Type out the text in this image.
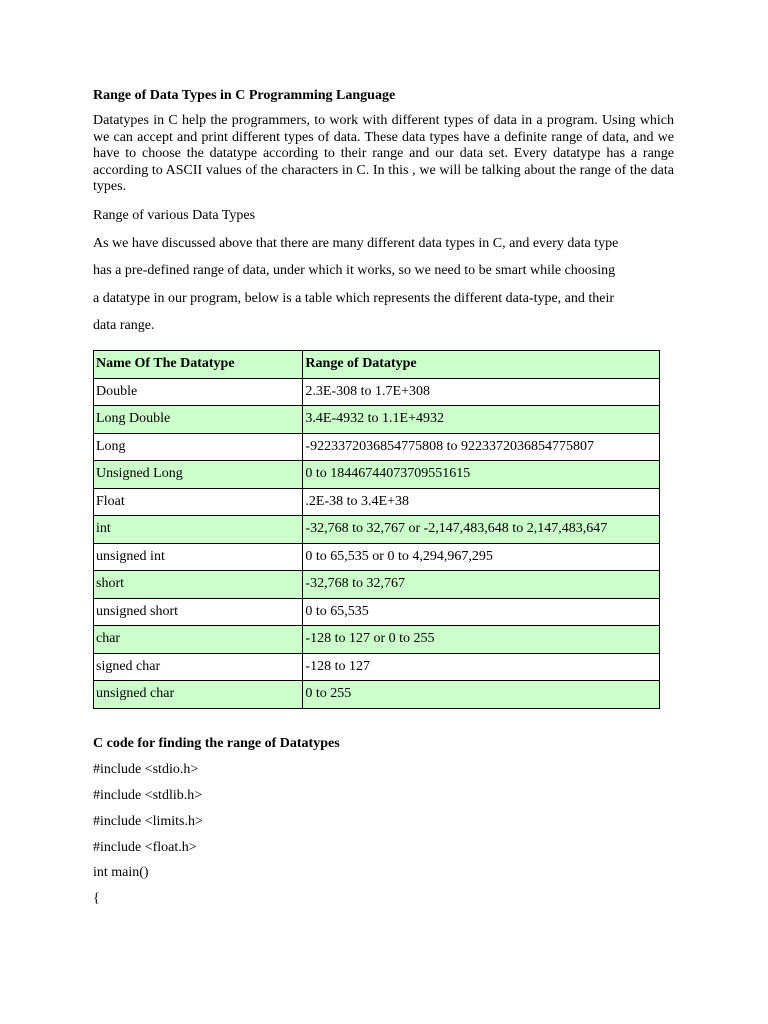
Range of Data Types in C Programming Language

Datatypes in C help the programmers, to work with different types of data in a program. Using which we can accept and print different types of data. These data types have a definite range of data, and we have to choose the datatype according to their range and our data set. Every datatype has a range according to ASCII values of the characters in C. In this , we will be talking about the range of the data types.

Range of various Data Types

As we have discussed above that there are many different data types in C, and every data type
has a pre-defined range of data, under which it works, so we need to be smart while choosing
a datatype in our program, below is a table which represents the different data-type, and their
data range.
Name Of The Datatype	Range of Datatype
Double	2.3E-308 to 1.7E+308
Long Double	3.4E-4932 to 1.1E+4932
Long	-9223372036854775808 to 9223372036854775807
Unsigned Long	0 to 18446744073709551615
Float	.2E-38 to 3.4E+38
int	-32,768 to 32,767 or -2,147,483,648 to 2,147,483,647
unsigned int	0 to 65,535 or 0 to 4,294,967,295
short	-32,768 to 32,767
unsigned short	0 to 65,535
char	-128 to 127 or 0 to 255
signed char	-128 to 127
unsigned char	0 to 255

C code for finding the range of Datatypes

#include <stdio.h>

#include <stdlib.h>

#include <limits.h>

#include <float.h>

int main()

{
